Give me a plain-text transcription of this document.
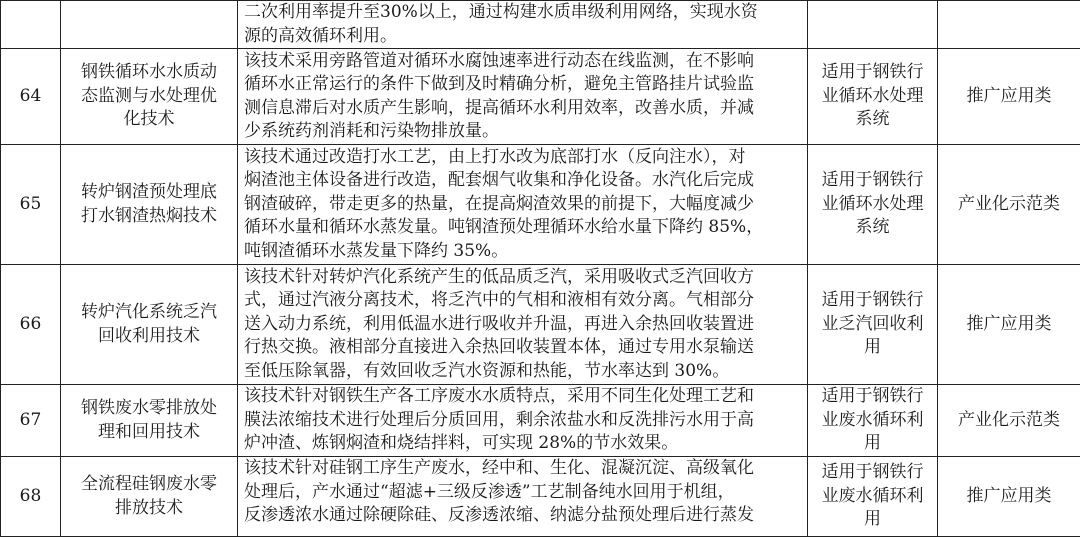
		二次利用率提升至30%以上，通过构建水质串级利用网络，实现水资
源的高效循环利用。		

64	钢铁循环水水质动
态监测与水处理优
化技术	该技术采用旁路管道对循环水腐蚀速率进行动态在线监测，在不影响
循环水正常运行的条件下做到及时精确分析，避免主管路挂片试验监
测信息滞后对水质产生影响，提高循环水利用效率，改善水质，并减
少系统药剂消耗和污染物排放量。	适用于钢铁行
业循环水处理
系统	推广应用类
65	转炉钢渣预处理底
打水钢渣热焖技术	该技术通过改造打水工艺，由上打水改为底部打水（反向注水），对
焖渣池主体设备进行改造，配套烟气收集和净化设备。水汽化后完成
钢渣破碎，带走更多的热量，在提高焖渣效果的前提下，大幅度减少
循环水量和循环水蒸发量。吨钢渣预处理循环水给水量下降约 85%，
吨钢渣循环水蒸发量下降约 35%。	适用于钢铁行
业循环水处理
系统	产业化示范类
66	转炉汽化系统乏汽
回收利用技术	该技术针对转炉汽化系统产生的低品质乏汽，采用吸收式乏汽回收方
式，通过汽液分离技术，将乏汽中的气相和液相有效分离。气相部分
送入动力系统，利用低温水进行吸收并升温，再进入余热回收装置进
行热交换。液相部分直接进入余热回收装置本体，通过专用水泵输送
至低压除氧器，有效回收乏汽水资源和热能，节水率达到 30%。	适用于钢铁行
业乏汽回收利
用	推广应用类
67	钢铁废水零排放处
理和回用技术	该技术针对钢铁生产各工序废水水质特点，采用不同生化处理工艺和
膜法浓缩技术进行处理后分质回用，剩余浓盐水和反洗排污水用于高
炉冲渣、炼钢焖渣和烧结拌料，可实现 28%的节水效果。	适用于钢铁行
业废水循环利
用	产业化示范类
68	全流程硅钢废水零
排放技术	该技术针对硅钢工序生产废水，经中和、生化、混凝沉淀、高级氧化
处理后，产水通过“超滤+三级反渗透”工艺制备纯水回用于机组，
反渗透浓水通过除硬除硅、反渗透浓缩、纳滤分盐预处理后进行蒸发	适用于钢铁行
业废水循环利
用	推广应用类
